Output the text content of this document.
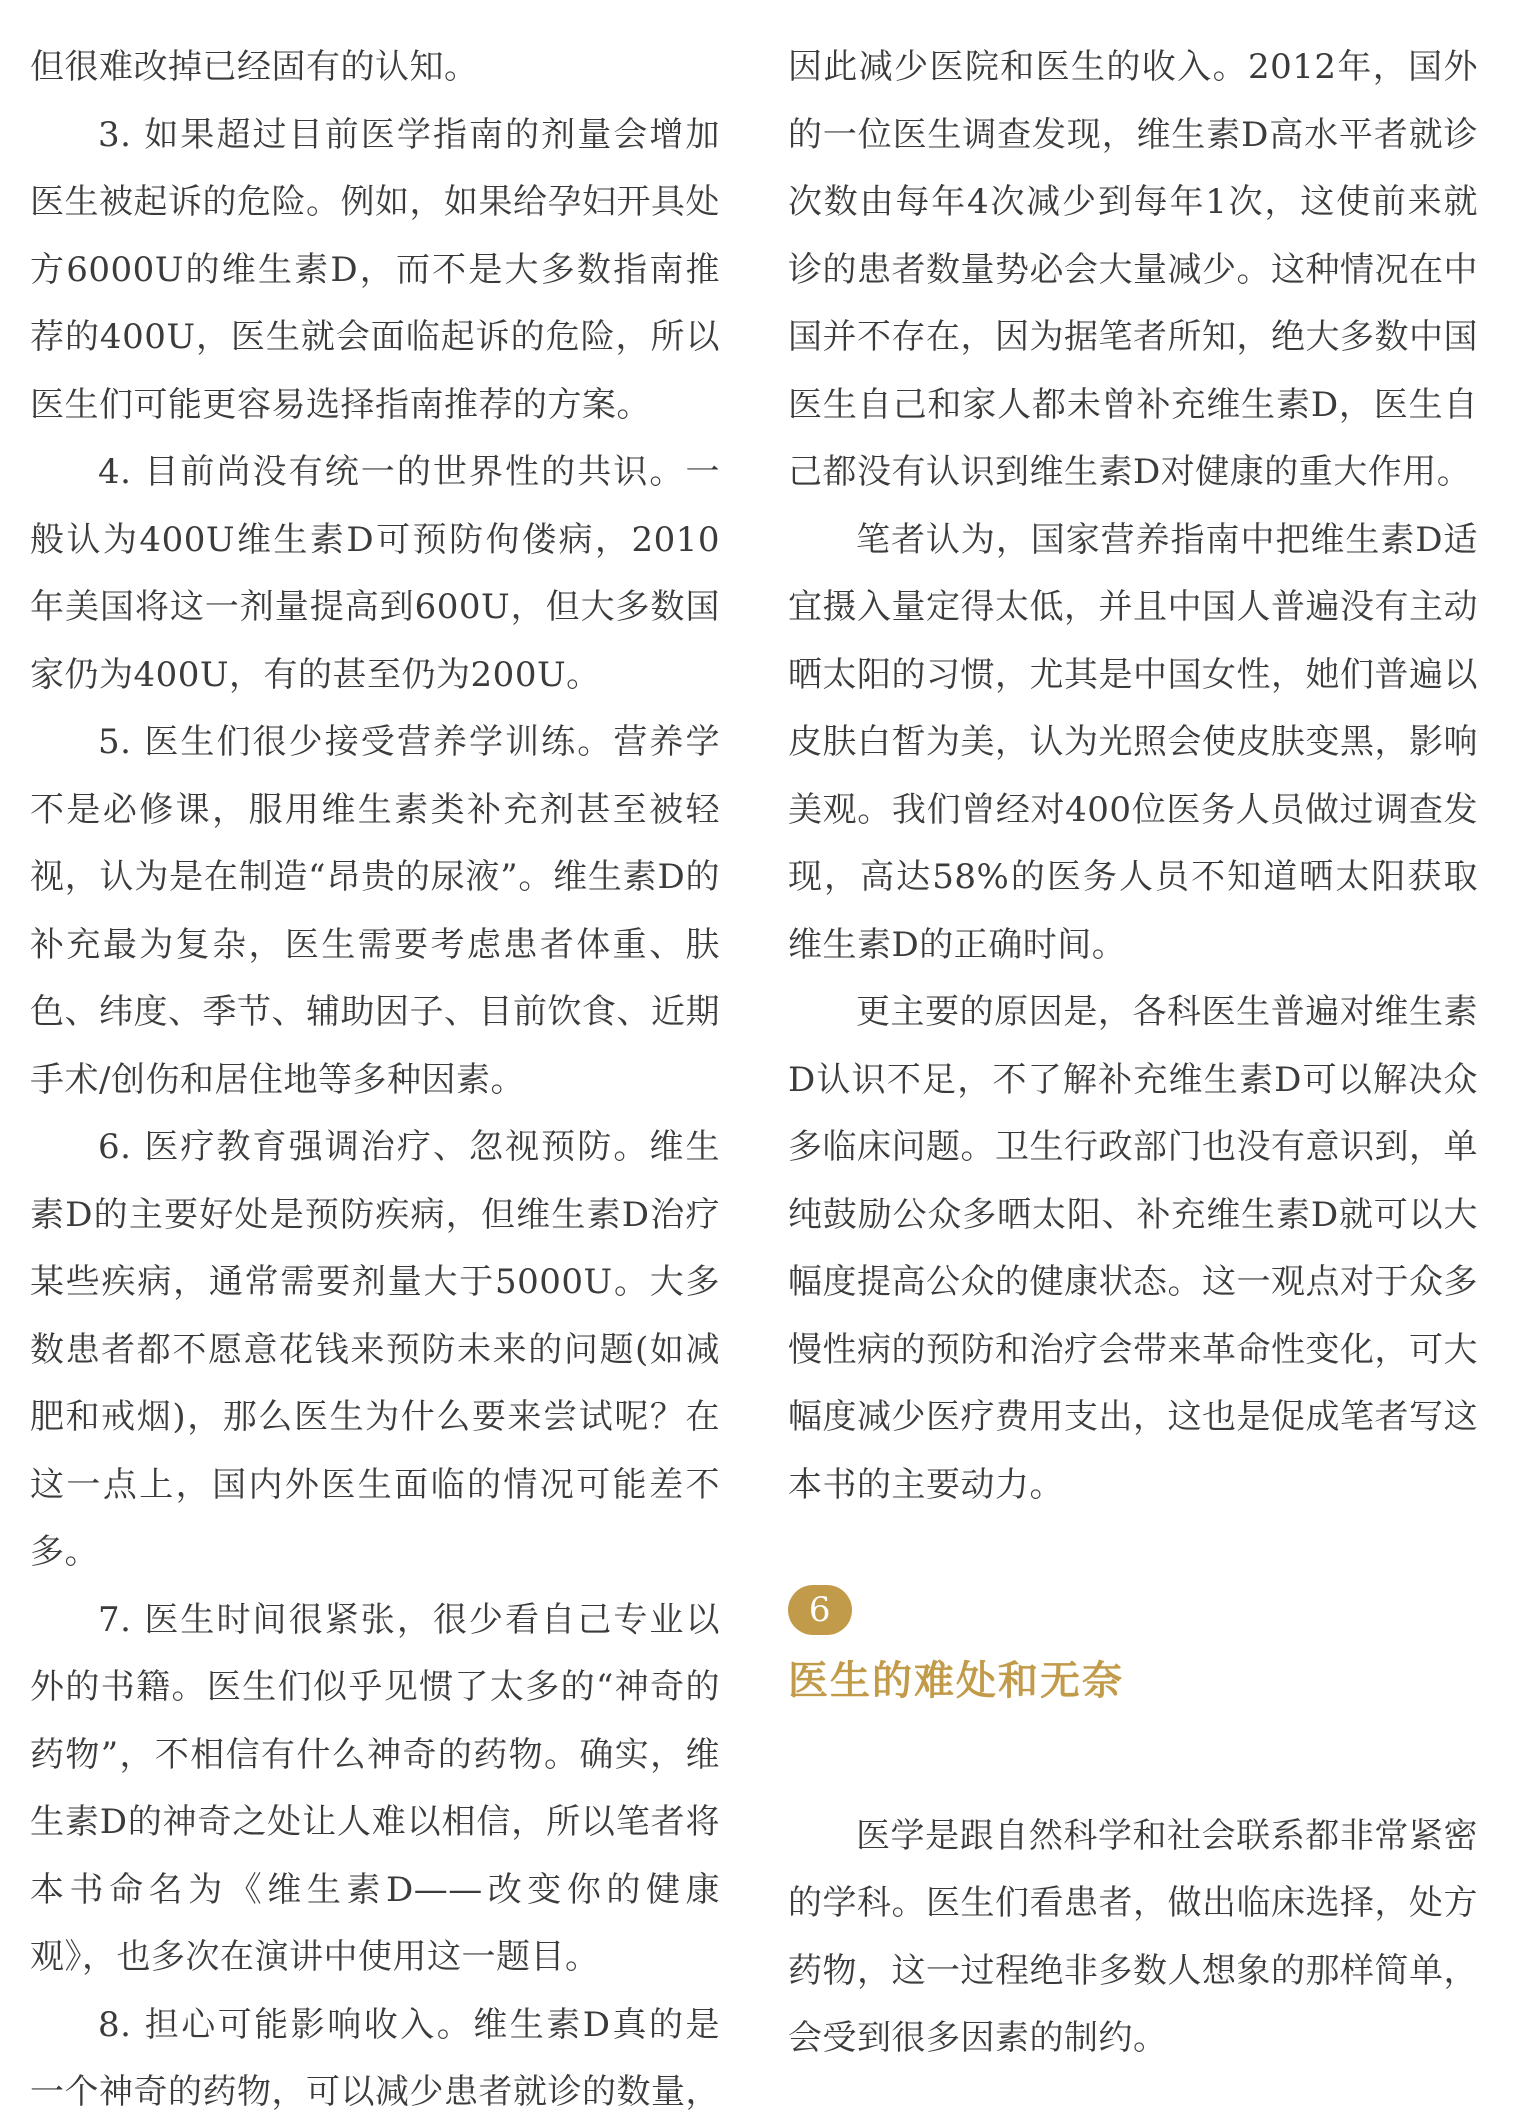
但很难改掉已经固有的认知。

3. 如果超过目前医学指南的剂量会增加医生被起诉的危险。例如，如果给孕妇开具处方6000U的维生素D，而不是大多数指南推荐的400U，医生就会面临起诉的危险，所以医生们可能更容易选择指南推荐的方案。

4. 目前尚没有统一的世界性的共识。一般认为400U维生素D可预防佝偻病，2010年美国将这一剂量提高到600U，但大多数国家仍为400U，有的甚至仍为200U。

5. 医生们很少接受营养学训练。营养学不是必修课，服用维生素类补充剂甚至被轻视，认为是在制造“昂贵的尿液”。维生素D的补充最为复杂，医生需要考虑患者体重、肤色、纬度、季节、辅助因子、目前饮食、近期手术/创伤和居住地等多种因素。

6. 医疗教育强调治疗、忽视预防。维生素D的主要好处是预防疾病，但维生素D治疗某些疾病，通常需要剂量大于5000U。大多数患者都不愿意花钱来预防未来的问题(如减肥和戒烟)，那么医生为什么要来尝试呢？在这一点上，国内外医生面临的情况可能差不多。

7. 医生时间很紧张，很少看自己专业以外的书籍。医生们似乎见惯了太多的“神奇的药物”，不相信有什么神奇的药物。确实，维生素D的神奇之处让人难以相信，所以笔者将本书命名为《维生素D——改变你的健康观》，也多次在演讲中使用这一题目。

8. 担心可能影响收入。维生素D真的是一个神奇的药物，可以减少患者就诊的数量，

因此减少医院和医生的收入。2012年，国外的一位医生调查发现，维生素D高水平者就诊次数由每年4次减少到每年1次，这使前来就诊的患者数量势必会大量减少。这种情况在中国并不存在，因为据笔者所知，绝大多数中国医生自己和家人都未曾补充维生素D，医生自己都没有认识到维生素D对健康的重大作用。

笔者认为，国家营养指南中把维生素D适宜摄入量定得太低，并且中国人普遍没有主动晒太阳的习惯，尤其是中国女性，她们普遍以皮肤白皙为美，认为光照会使皮肤变黑，影响美观。我们曾经对400位医务人员做过调查发现，高达58%的医务人员不知道晒太阳获取维生素D的正确时间。

更主要的原因是，各科医生普遍对维生素D认识不足，不了解补充维生素D可以解决众多临床问题。卫生行政部门也没有意识到，单纯鼓励公众多晒太阳、补充维生素D就可以大幅度提高公众的健康状态。这一观点对于众多慢性病的预防和治疗会带来革命性变化，可大幅度减少医疗费用支出，这也是促成笔者写这本书的主要动力。

6
医生的难处和无奈

医学是跟自然科学和社会联系都非常紧密的学科。医生们看患者，做出临床选择，处方药物，这一过程绝非多数人想象的那样简单，会受到很多因素的制约。
